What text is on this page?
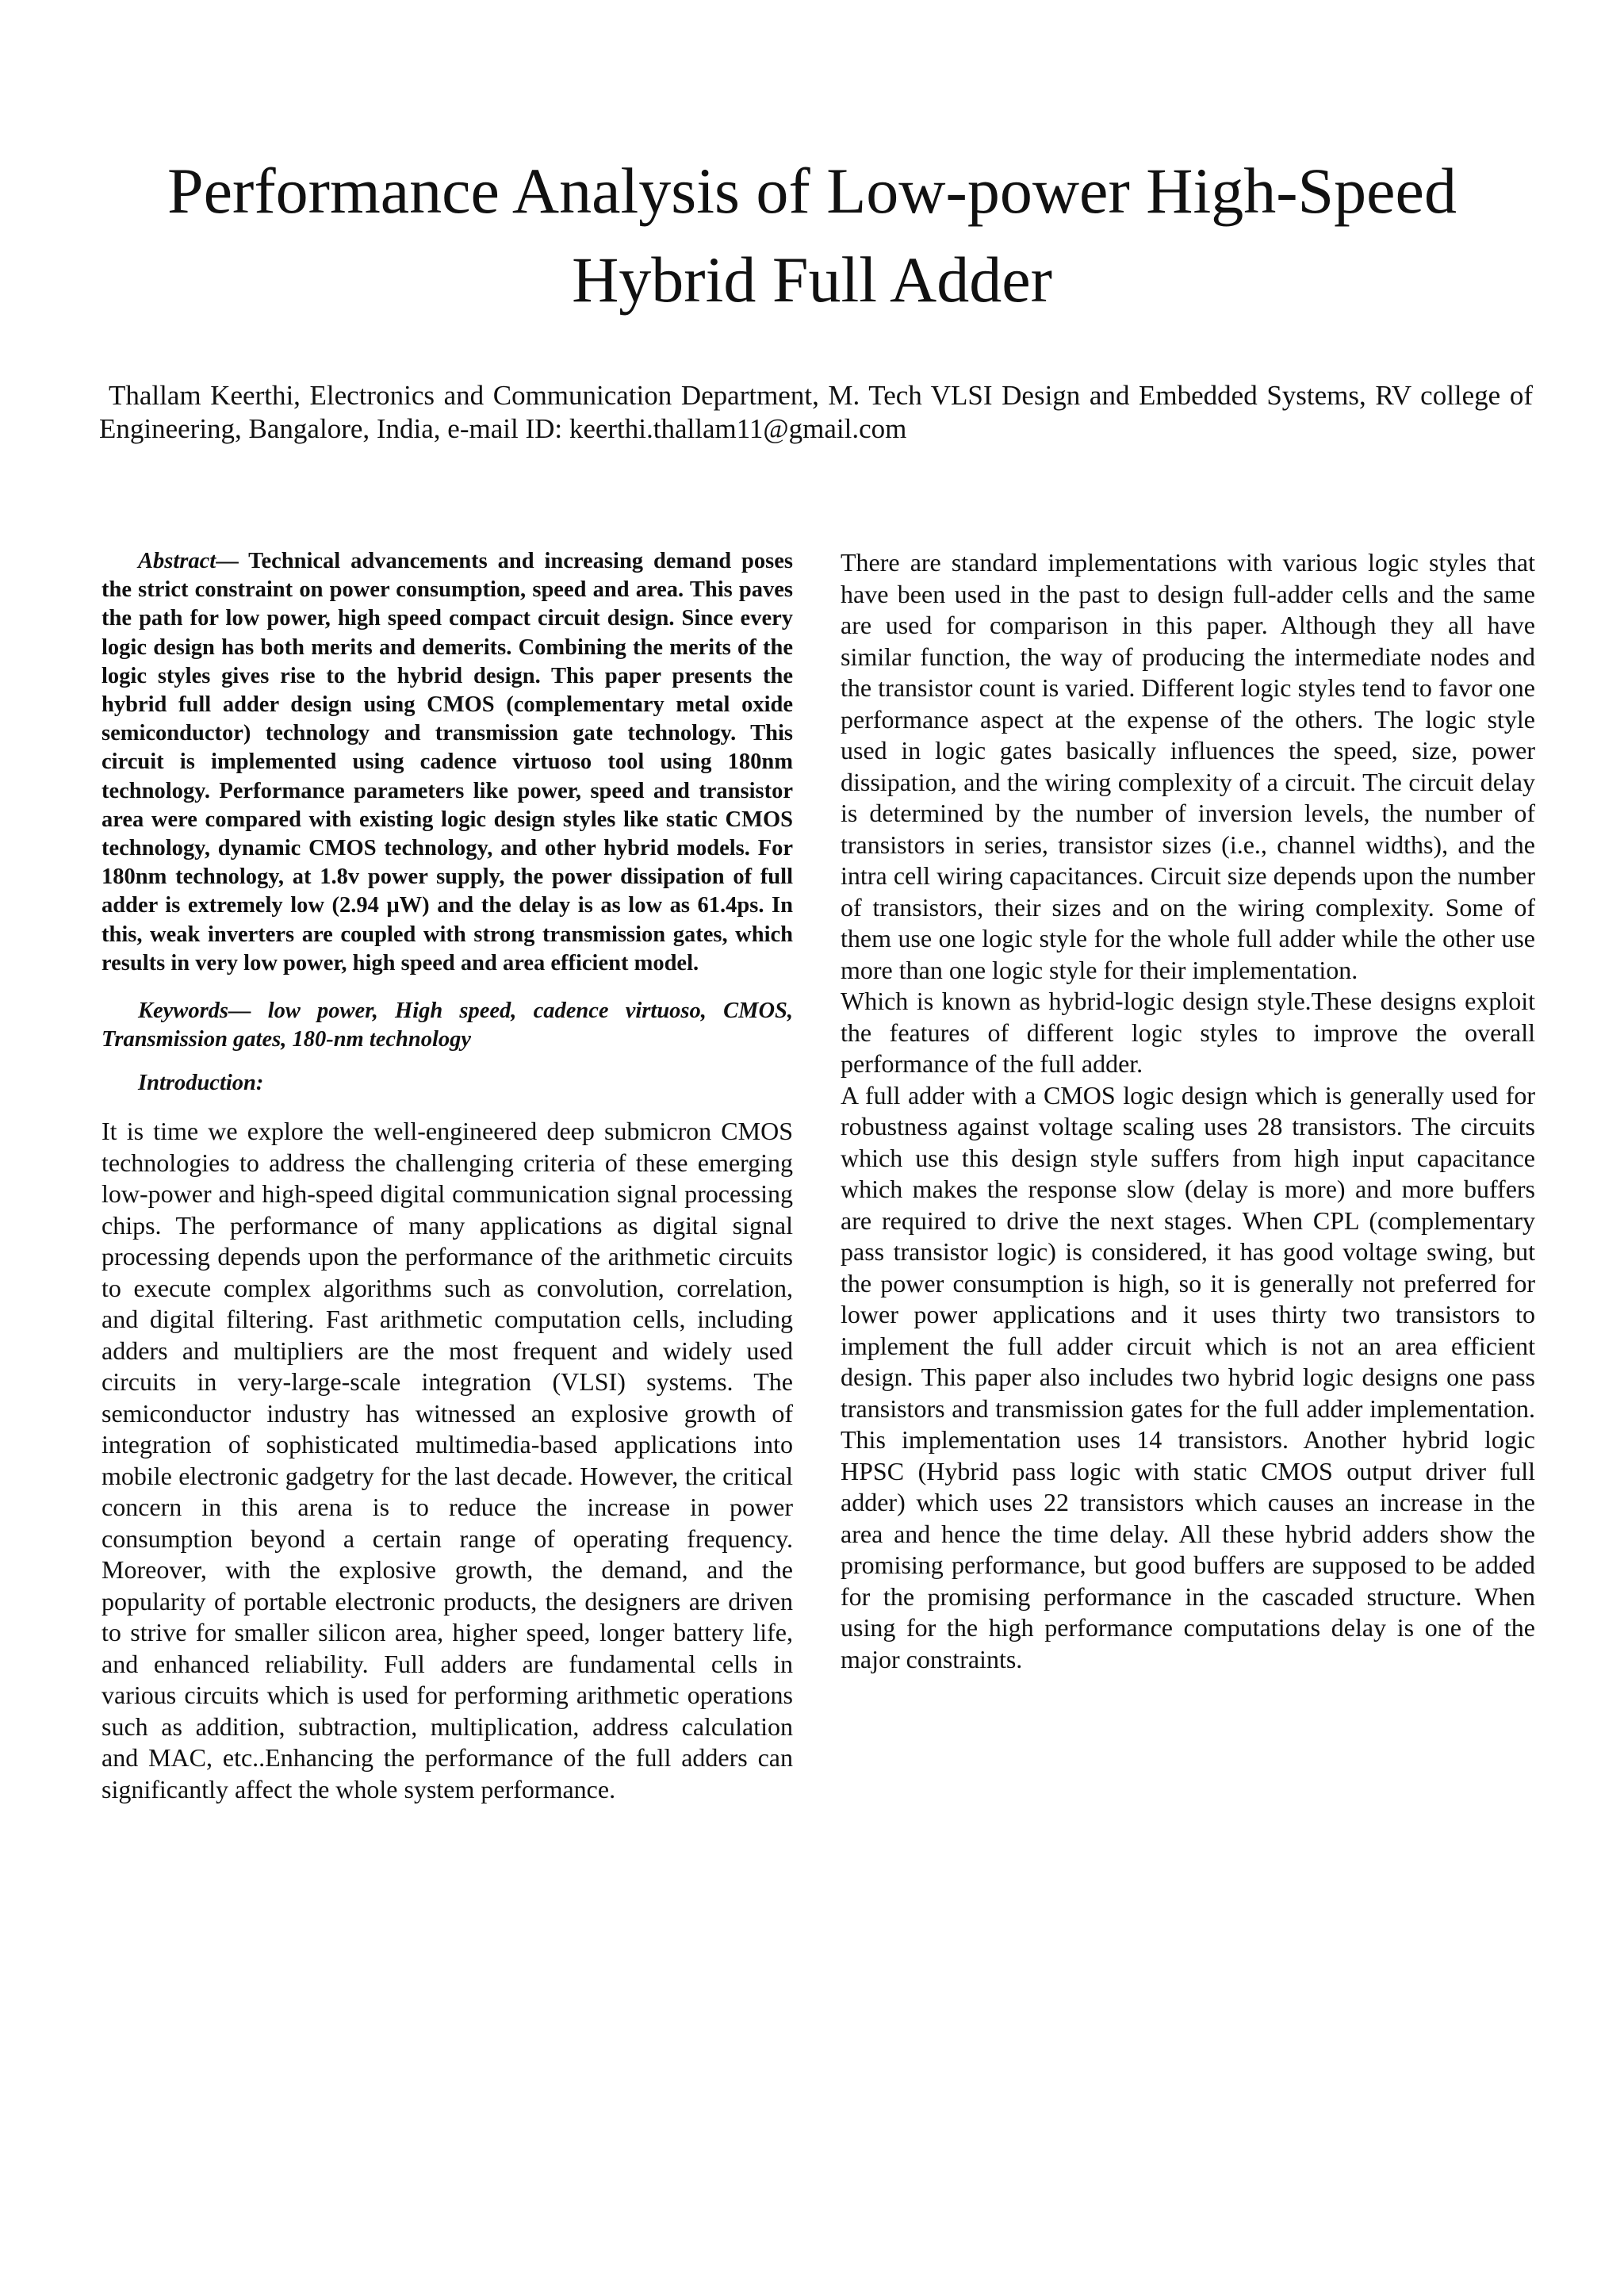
Performance Analysis of Low-power High-Speed
Hybrid Full Adder

Thallam Keerthi, Electronics and Communication Department, M. Tech VLSI Design and Embedded Systems, RV college of Engineering, Bangalore, India, e-mail ID: keerthi.thallam11@gmail.com

Abstract— Technical advancements and increasing demand poses the strict constraint on power consumption, speed and area. This paves the path for low power, high speed compact circuit design. Since every logic design has both merits and demerits. Combining the merits of the logic styles gives rise to the hybrid design. This paper presents the hybrid full adder design using CMOS (complementary metal oxide semiconductor) technology and transmission gate technology. This circuit is implemented using cadence virtuoso tool using 180nm technology. Performance parameters like power, speed and transistor area were compared with existing logic design styles like static CMOS technology, dynamic CMOS technology, and other hybrid models. For 180nm technology, at 1.8v power supply, the power dissipation of full adder is extremely low (2.94 μW) and the delay is as low as 61.4ps. In this, weak inverters are coupled with strong transmission gates, which results in very low power, high speed and area efficient model.

Keywords— low power, High speed, cadence virtuoso, CMOS, Transmission gates, 180-nm technology

Introduction:

It is time we explore the well-engineered deep submicron CMOS technologies to address the challenging criteria of these emerging low-power and high-speed digital communication signal processing chips. The performance of many applications as digital signal processing depends upon the performance of the arithmetic circuits to execute complex algorithms such as convolution, correlation, and digital filtering. Fast arithmetic computation cells, including adders and multipliers are the most frequent and widely used circuits in very-large-scale integration (VLSI) systems. The semiconductor industry has witnessed an explosive growth of integration of sophisticated multimedia-based applications into mobile electronic gadgetry for the last decade. However, the critical concern in this arena is to reduce the increase in power consumption beyond a certain range of operating frequency. Moreover, with the explosive growth, the demand, and the popularity of portable electronic products, the designers are driven to strive for smaller silicon area, higher speed, longer battery life, and enhanced reliability. Full adders are fundamental cells in various circuits which is used for performing arithmetic operations such as addition, subtraction, multiplication, address calculation and MAC, etc..Enhancing the performance of the full adders can significantly affect the whole system performance.

There are standard implementations with various logic styles that have been used in the past to design full-adder cells and the same are used for comparison in this paper. Although they all have similar function, the way of producing the intermediate nodes and the transistor count is varied. Different logic styles tend to favor one performance aspect at the expense of the others. The logic style used in logic gates basically influences the speed, size, power dissipation, and the wiring complexity of a circuit. The circuit delay is determined by the number of inversion levels, the number of transistors in series, transistor sizes (i.e., channel widths), and the intra cell wiring capacitances. Circuit size depends upon the number of transistors, their sizes and on the wiring complexity. Some of them use one logic style for the whole full adder while the other use more than one logic style for their implementation.

Which is known as hybrid-logic design style.These designs exploit the features of different logic styles to improve the overall performance of the full adder.

A full adder with a CMOS logic design which is generally used for robustness against voltage scaling uses 28 transistors. The circuits which use this design style suffers from high input capacitance which makes the response slow (delay is more) and more buffers are required to drive the next stages. When CPL (complementary pass transistor logic) is considered, it has good voltage swing, but the power consumption is high, so it is generally not preferred for lower power applications and it uses thirty two transistors to implement the full adder circuit which is not an area efficient design. This paper also includes two hybrid logic designs one pass transistors and transmission gates for the full adder implementation. This implementation uses 14 transistors. Another hybrid logic HPSC (Hybrid pass logic with static CMOS output driver full adder) which uses 22 transistors which causes an increase in the area and hence the time delay. All these hybrid adders show the promising performance, but good buffers are supposed to be added for the promising performance in the cascaded structure. When using for the high performance computations delay is one of the major constraints.
